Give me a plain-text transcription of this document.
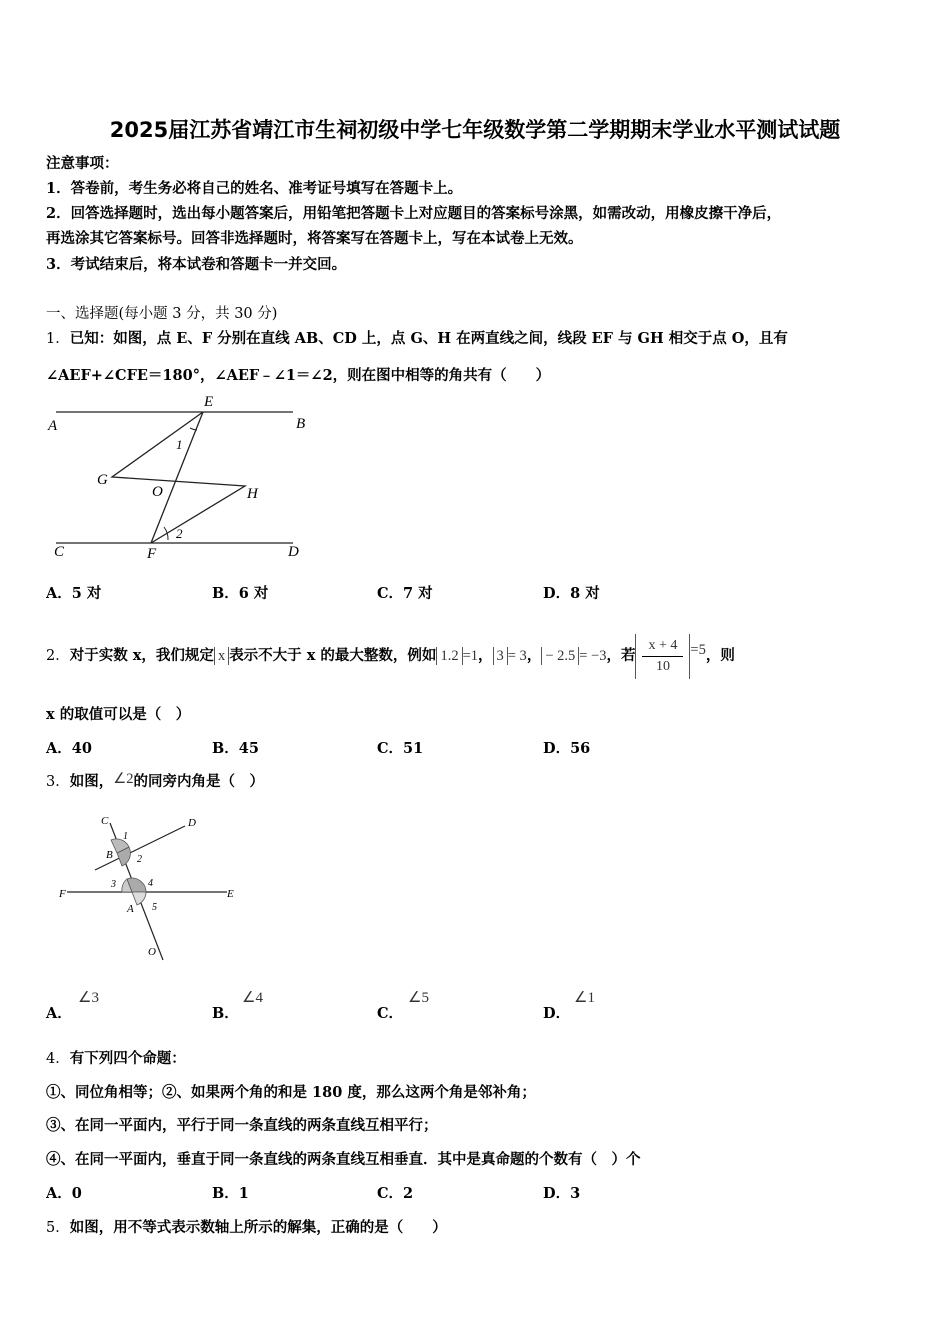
2025届江苏省靖江市生祠初级中学七年级数学第二学期期末学业水平测试试题
注意事项：
1．答卷前，考生务必将自己的姓名、准考证号填写在答题卡上。
2．回答选择题时，选出每小题答案后，用铅笔把答题卡上对应题目的答案标号涂黑，如需改动，用橡皮擦干净后，
再选涂其它答案标号。回答非选择题时，将答案写在答题卡上，写在本试卷上无效。
3．考试结束后，将本试卷和答题卡一并交回。
一、选择题(每小题 3 分，共 30 分)
1．已知：如图，点 E、F 分别在直线 AB、CD 上，点 G、H 在两直线之间，线段 EF 与 GH 相交于点 O，且有
∠AEF+∠CFE＝180°，∠AEF﹣∠1＝∠2，则在图中相等的角共有（　　）
A	B
E
1
G
O	H
2
C	F	D
A．5 对	B．6 对	C．7 对	D．8 对
2．对于实数 x，我们规定 x 表示不大于 x 的最大整数，例如 1.2 =1， 3 = 3， − 2.5 = −3，若 $\frac{x + 4}{10} =5$，则
x 的取值可以是（　）
A．40	B．45	C．51	D．56
3．如图，∠2的同旁内角是（　）
C	D
1
B 2
3	4
F	E
A 5
O
A．
∠3
B．
∠4
C．
∠5
D．
∠1
4．有下列四个命题：
①、同位角相等；②、如果两个角的和是 180 度，那么这两个角是邻补角；
③、在同一平面内，平行于同一条直线的两条直线互相平行；
④、在同一平面内，垂直于同一条直线的两条直线互相垂直．其中是真命题的个数有（　）个
A．0	B．1	C．2	D．3
5．如图，用不等式表示数轴上所示的解集，正确的是（　　）
